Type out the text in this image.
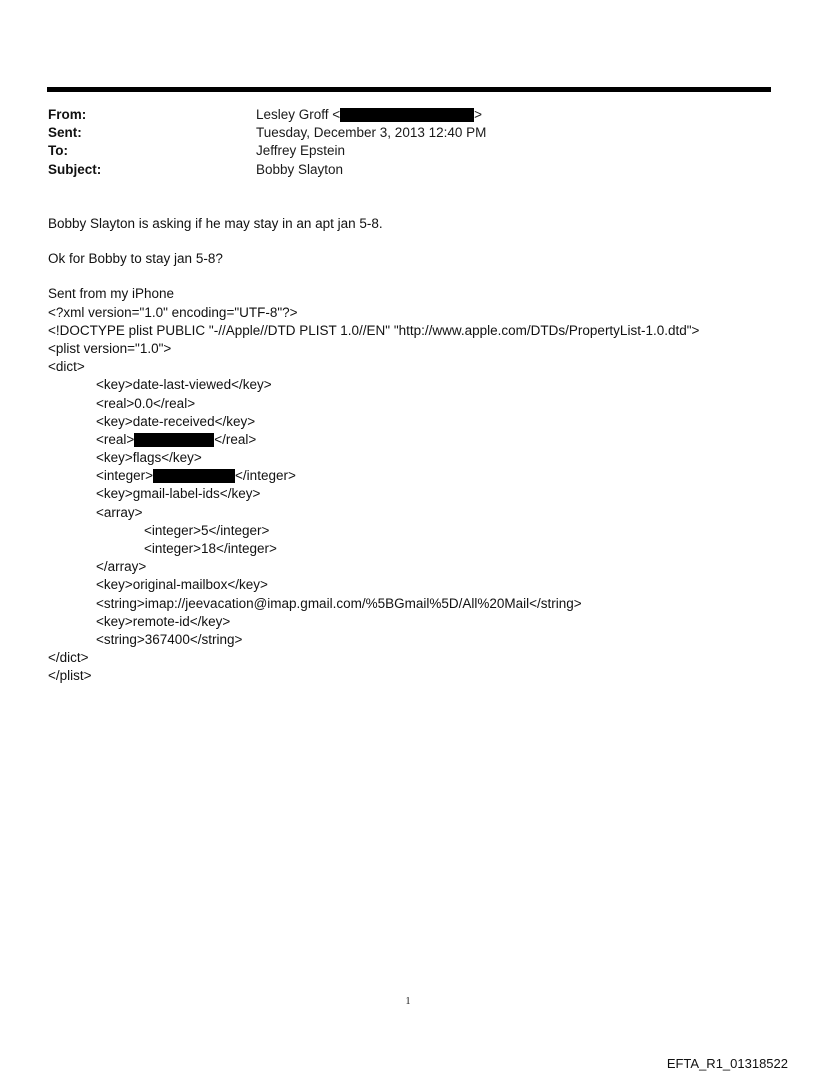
From:	Lesley Groff <	>
Sent:	Tuesday, December 3, 2013 12:40 PM
To:	Jeffrey Epstein
Subject:	Bobby Slayton
Bobby Slayton is asking if he may stay in an apt jan 5-8.
Ok for Bobby to stay jan 5-8?
Sent from my iPhone
<?xml version="1.0" encoding="UTF-8"?>
<!DOCTYPE plist PUBLIC "-//Apple//DTD PLIST 1.0//EN" "http://www.apple.com/DTDs/PropertyList-1.0.dtd">
<plist version="1.0">
<dict>
<key>date-last-viewed</key>
<real>0.0</real>
<key>date-received</key>
<real>	</real>
<key>flags</key>
<integer>	</integer>
<key>gmail-label-ids</key>
<array>
<integer>5</integer>
<integer>18</integer>
</array>
<key>original-mailbox</key>
<string>imap://jeevacation@imap.gmail.com/%5BGmail%5D/All%20Mail</string>
<key>remote-id</key>
<string>367400</string>
</dict>
</plist>
1
EFTA_R1_01318522
